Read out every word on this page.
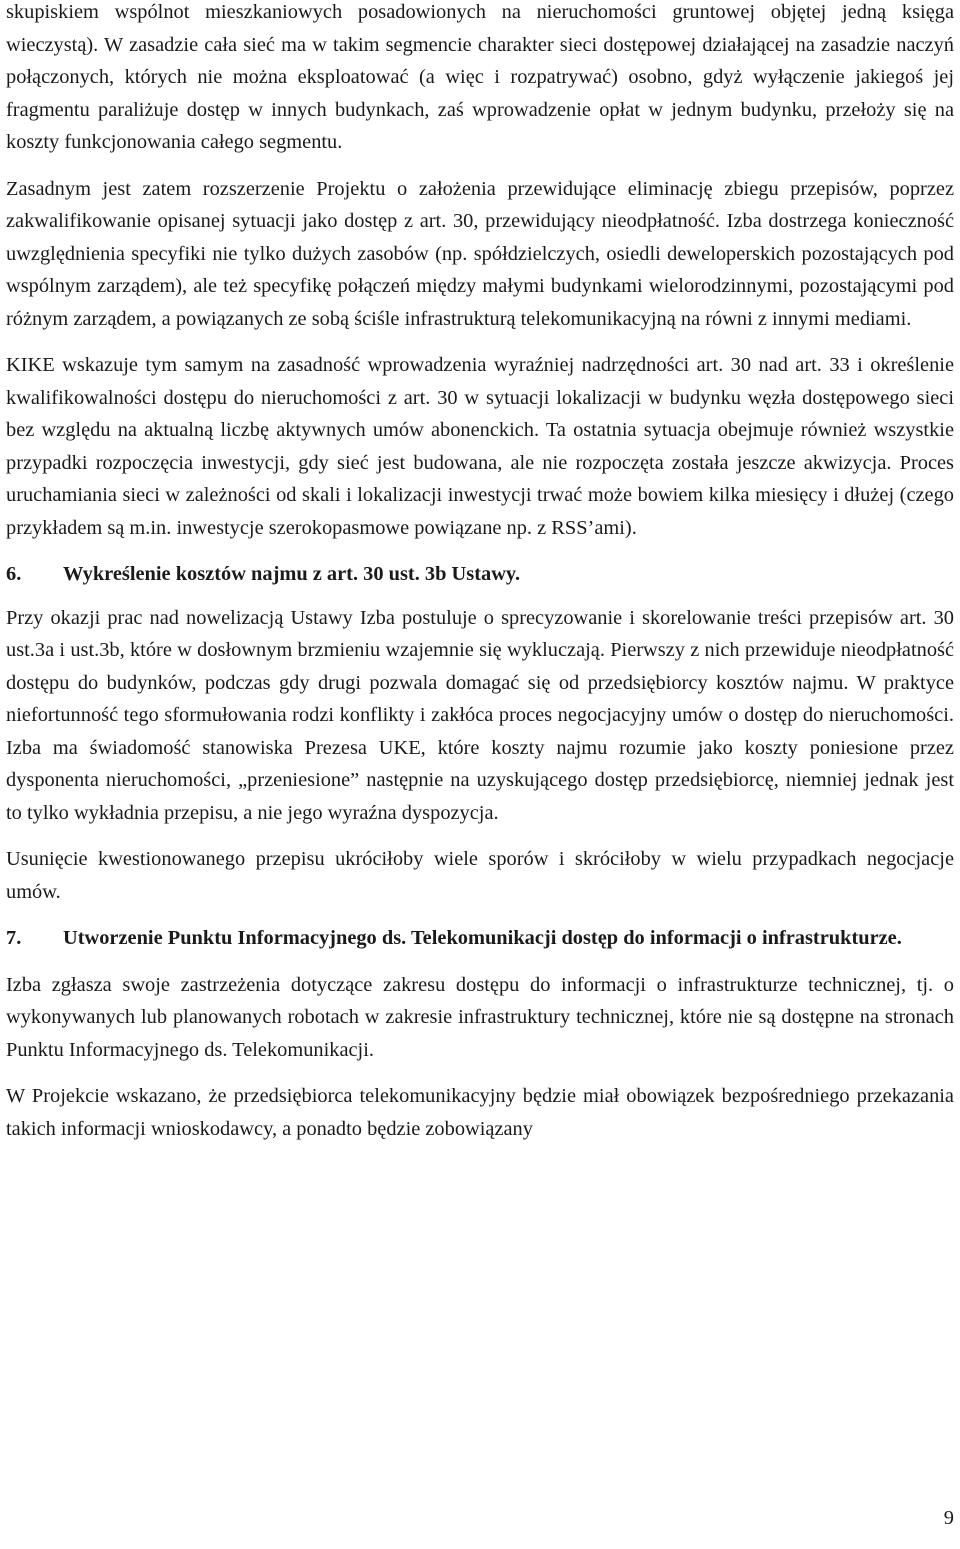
skupiskiem wspólnot mieszkaniowych posadowionych na nieruchomości gruntowej objętej jedną księga wieczystą). W zasadzie cała sieć ma w takim segmencie charakter sieci dostępowej działającej na zasadzie naczyń połączonych, których nie można eksploatować (a więc i rozpatrywać) osobno, gdyż wyłączenie jakiegoś jej fragmentu paraliżuje dostęp w innych budynkach, zaś wprowadzenie opłat w jednym budynku, przełoży się na koszty funkcjonowania całego segmentu.

Zasadnym jest zatem rozszerzenie Projektu o założenia przewidujące eliminację zbiegu przepisów, poprzez zakwalifikowanie opisanej sytuacji jako dostęp z art. 30, przewidujący nieodpłatność. Izba dostrzega konieczność uwzględnienia specyfiki nie tylko dużych zasobów (np. spółdzielczych, osiedli deweloperskich pozostających pod wspólnym zarządem), ale też specyfikę połączeń między małymi budynkami wielorodzinnymi, pozostającymi pod różnym zarządem, a powiązanych ze sobą ściśle infrastrukturą telekomunikacyjną na równi z innymi mediami.

KIKE wskazuje tym samym na zasadność wprowadzenia wyraźniej nadrzędności art. 30 nad art. 33 i określenie kwalifikowalności dostępu do nieruchomości z art. 30 w sytuacji lokalizacji w budynku węzła dostępowego sieci bez względu na aktualną liczbę aktywnych umów abonenckich. Ta ostatnia sytuacja obejmuje również wszystkie przypadki rozpoczęcia inwestycji, gdy sieć jest budowana, ale nie rozpoczęta została jeszcze akwizycja. Proces uruchamiania sieci w zależności od skali i lokalizacji inwestycji trwać może bowiem kilka miesięcy i dłużej (czego przykładem są m.in. inwestycje szerokopasmowe powiązane np. z RSS’ami).

6.	Wykreślenie kosztów najmu z art. 30 ust. 3b Ustawy.

Przy okazji prac nad nowelizacją Ustawy Izba postuluje o sprecyzowanie i skorelowanie treści przepisów art. 30 ust.3a i ust.3b, które w dosłownym brzmieniu wzajemnie się wykluczają. Pierwszy z nich przewiduje nieodpłatność dostępu do budynków, podczas gdy drugi pozwala domagać się od przedsiębiorcy kosztów najmu. W praktyce niefortunność tego sformułowania rodzi konflikty i zakłóca proces negocjacyjny umów o dostęp do nieruchomości. Izba ma świadomość stanowiska Prezesa UKE, które koszty najmu rozumie jako koszty poniesione przez dysponenta nieruchomości, „przeniesione” następnie na uzyskującego dostęp przedsiębiorcę, niemniej jednak jest to tylko wykładnia przepisu, a nie jego wyraźna dyspozycja.

Usunięcie kwestionowanego przepisu ukróciłoby wiele sporów i skróciłoby w wielu przypadkach negocjacje umów.

7.	Utworzenie Punktu Informacyjnego ds. Telekomunikacji dostęp do informacji o infrastrukturze.

Izba zgłasza swoje zastrzeżenia dotyczące zakresu dostępu do informacji o infrastrukturze technicznej, tj. o wykonywanych lub planowanych robotach w zakresie infrastruktury technicznej, które nie są dostępne na stronach Punktu Informacyjnego ds. Telekomunikacji.

W Projekcie wskazano, że przedsiębiorca telekomunikacyjny będzie miał obowiązek bezpośredniego przekazania takich informacji wnioskodawcy, a ponadto będzie zobowiązany

9
